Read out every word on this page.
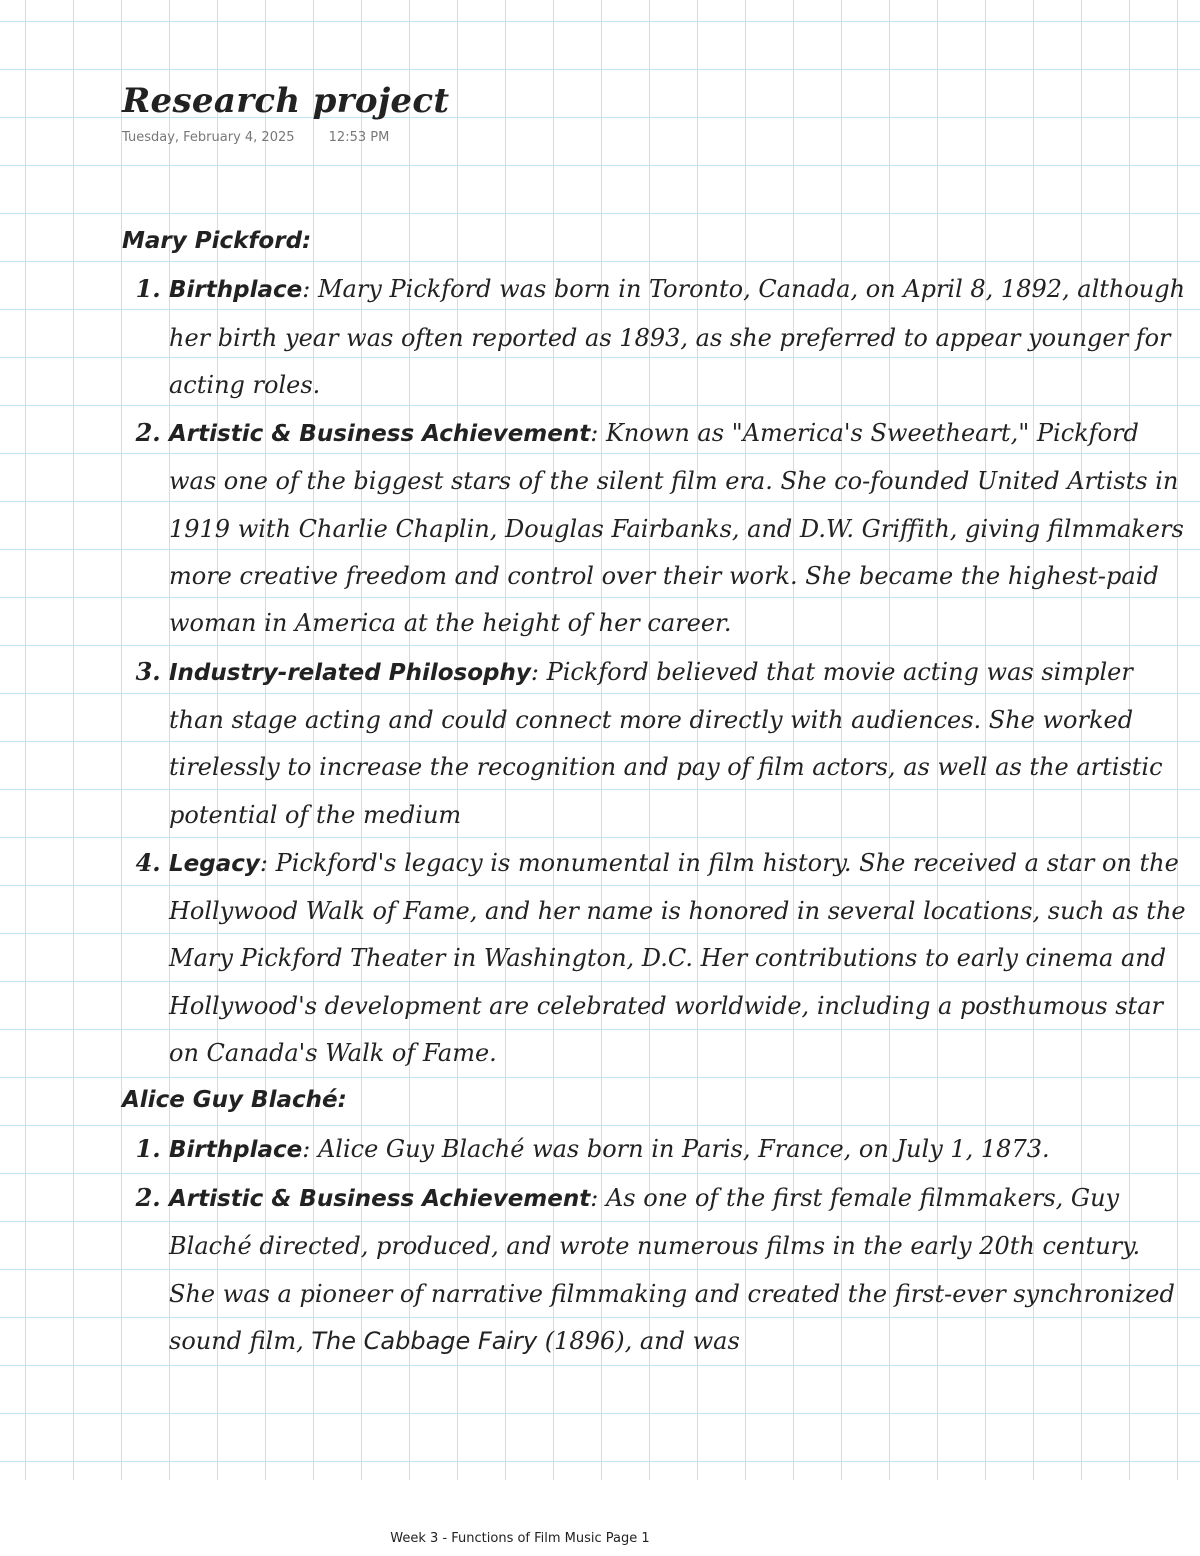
Research project
Tuesday, February 4, 2025	12:53 PM
Mary Pickford:
1. Birthplace: Mary Pickford was born in Toronto, Canada, on April 8, 1892, although her birth year was often reported as 1893, as she preferred to appear younger for acting roles.
2. Artistic & Business Achievement: Known as "America's Sweetheart," Pickford was one of the biggest stars of the silent film era. She co-founded United Artists in 1919 with Charlie Chaplin, Douglas Fairbanks, and D.W. Griffith, giving filmmakers more creative freedom and control over their work. She became the highest-paid woman in America at the height of her career.
3. Industry-related Philosophy: Pickford believed that movie acting was simpler than stage acting and could connect more directly with audiences. She worked tirelessly to increase the recognition and pay of film actors, as well as the artistic potential of the medium
4. Legacy: Pickford's legacy is monumental in film history. She received a star on the Hollywood Walk of Fame, and her name is honored in several locations, such as the Mary Pickford Theater in Washington, D.C. Her contributions to early cinema and Hollywood's development are celebrated worldwide, including a posthumous star on Canada's Walk of Fame.
Alice Guy Blaché:
1. Birthplace: Alice Guy Blaché was born in Paris, France, on July 1, 1873.
2. Artistic & Business Achievement: As one of the first female filmmakers, Guy Blaché directed, produced, and wrote numerous films in the early 20th century. She was a pioneer of narrative filmmaking and created the first-ever synchronized sound film, The Cabbage Fairy (1896), and was
Week 3 - Functions of Film Music Page 1
